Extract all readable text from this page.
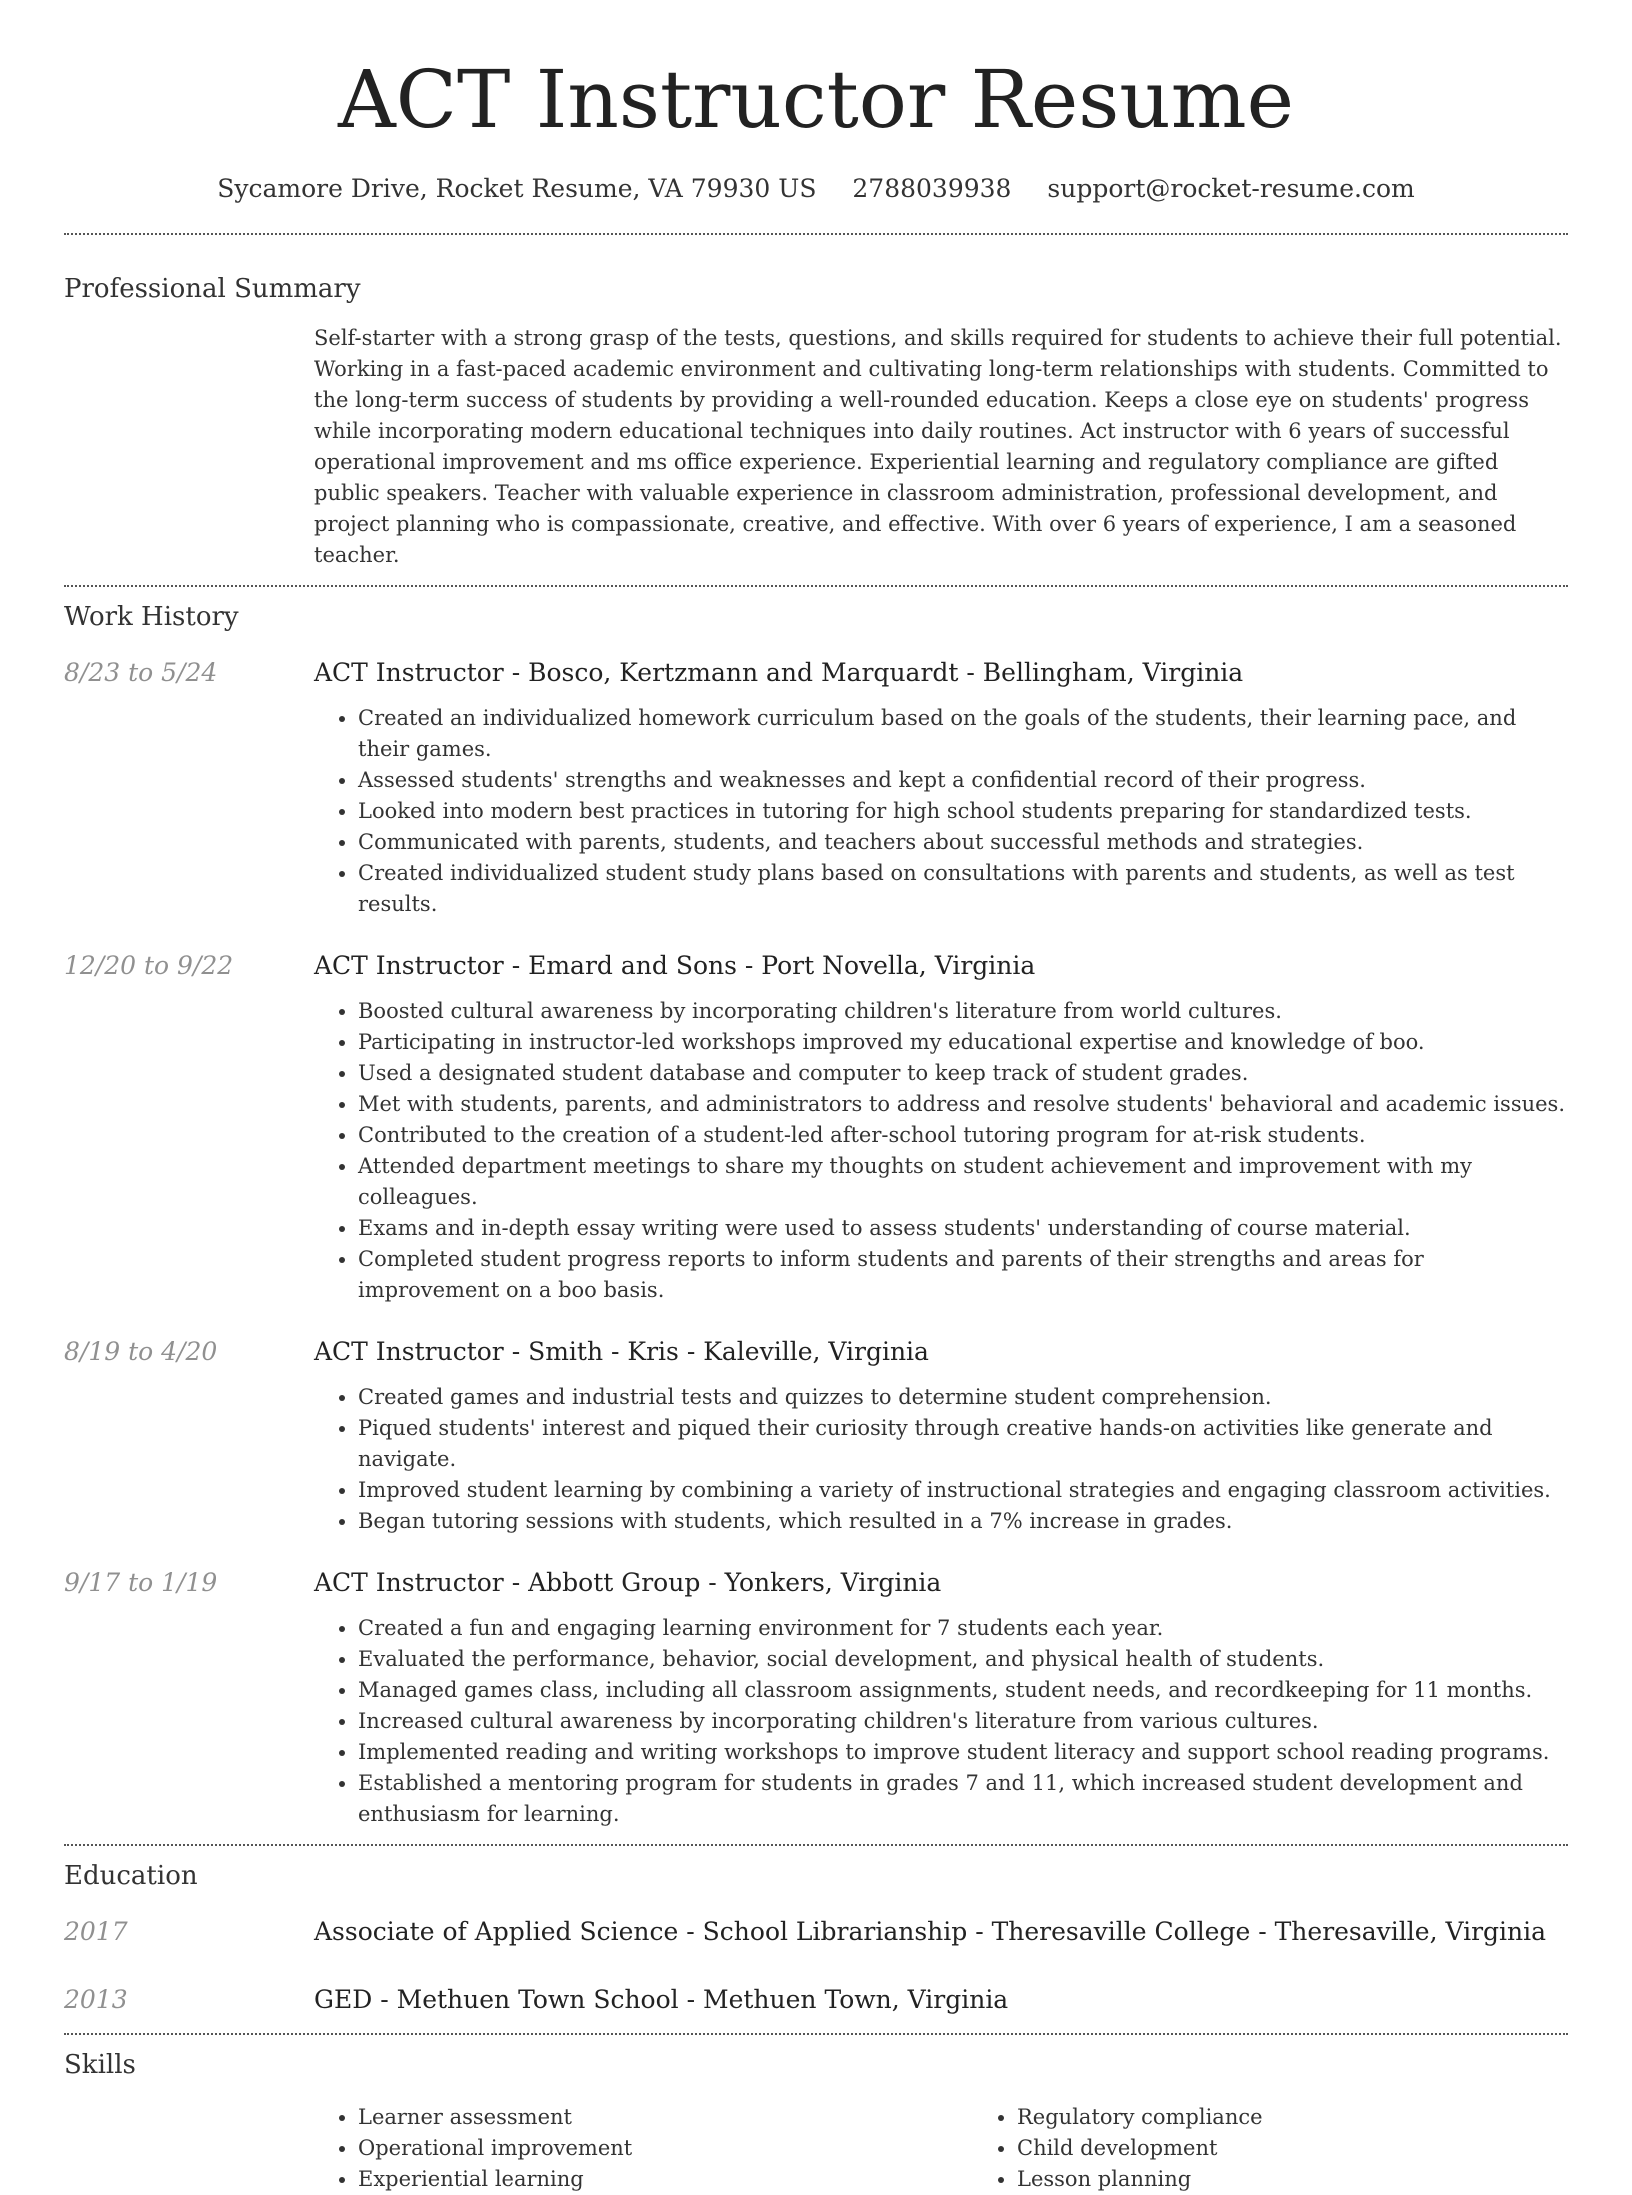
ACT Instructor Resume
Sycamore Drive, Rocket Resume, VA 79930 US 2788039938 support@rocket-resume.com
Professional Summary
Self-starter with a strong grasp of the tests, questions, and skills required for students to achieve their full potential. Working in a fast-paced academic environment and cultivating long-term relationships with students. Committed to the long-term success of students by providing a well-rounded education. Keeps a close eye on students' progress while incorporating modern educational techniques into daily routines. Act instructor with 6 years of successful operational improvement and ms office experience. Experiential learning and regulatory compliance are gifted public speakers. Teacher with valuable experience in classroom administration, professional development, and project planning who is compassionate, creative, and effective. With over 6 years of experience, I am a seasoned teacher.
Work History
8/23 to 5/24	ACT Instructor - Bosco, Kertzmann and Marquardt - Bellingham, Virginia
• Created an individualized homework curriculum based on the goals of the students, their learning pace, and their games.
• Assessed students' strengths and weaknesses and kept a confidential record of their progress.
• Looked into modern best practices in tutoring for high school students preparing for standardized tests.
• Communicated with parents, students, and teachers about successful methods and strategies.
• Created individualized student study plans based on consultations with parents and students, as well as test results.
12/20 to 9/22	ACT Instructor - Emard and Sons - Port Novella, Virginia
• Boosted cultural awareness by incorporating children's literature from world cultures.
• Participating in instructor-led workshops improved my educational expertise and knowledge of boo.
• Used a designated student database and computer to keep track of student grades.
• Met with students, parents, and administrators to address and resolve students' behavioral and academic issues.
• Contributed to the creation of a student-led after-school tutoring program for at-risk students.
• Attended department meetings to share my thoughts on student achievement and improvement with my colleagues.
• Exams and in-depth essay writing were used to assess students' understanding of course material.
• Completed student progress reports to inform students and parents of their strengths and areas for improvement on a boo basis.
8/19 to 4/20	ACT Instructor - Smith - Kris - Kaleville, Virginia
• Created games and industrial tests and quizzes to determine student comprehension.
• Piqued students' interest and piqued their curiosity through creative hands-on activities like generate and navigate.
• Improved student learning by combining a variety of instructional strategies and engaging classroom activities.
• Began tutoring sessions with students, which resulted in a 7% increase in grades.
9/17 to 1/19	ACT Instructor - Abbott Group - Yonkers, Virginia
• Created a fun and engaging learning environment for 7 students each year.
• Evaluated the performance, behavior, social development, and physical health of students.
• Managed games class, including all classroom assignments, student needs, and recordkeeping for 11 months.
• Increased cultural awareness by incorporating children's literature from various cultures.
• Implemented reading and writing workshops to improve student literacy and support school reading programs.
• Established a mentoring program for students in grades 7 and 11, which increased student development and enthusiasm for learning.
Education
2017	Associate of Applied Science - School Librarianship - Theresaville College - Theresaville, Virginia
2013	GED - Methuen Town School - Methuen Town, Virginia
Skills
• Learner assessment
• Operational improvement
• Experiential learning
• Regulatory compliance
• Child development
• Lesson planning
